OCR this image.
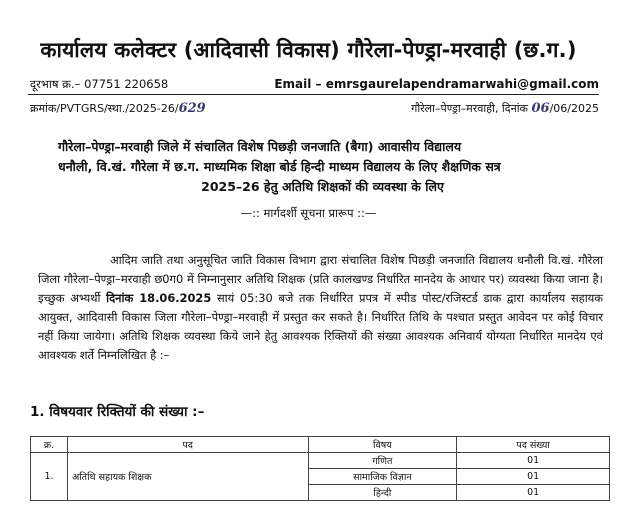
कार्यालय कलेक्टर (आदिवासी विकास) गौरेला-पेण्ड्रा-मरवाही (छ.ग.)
दूरभाष क्र.– 07751 220658	Email – emrsgaurelapendramarwahi@gmail.com
क्रमांक/PVTGRS/स्था./2025-26/629	गौरेला–पेण्ड्रा–मरवाही, दिनांक 06/06/2025
गौरेला–पेण्ड्रा–मरवाही जिले में संचालित विशेष पिछड़ी जनजाति (बैगा) आवासीय विद्यालय
धनौली, वि.खं. गौरेला में छ.ग. माध्यमिक शिक्षा बोर्ड हिन्दी माध्यम विद्यालय के लिए शैक्षणिक सत्र

2025–26 हेतु अतिथि शिक्षकों की व्यवस्था के लिए
—:: मार्गदर्शी सूचना प्रारूप ::—
आदिम जाति तथा अनुसूचित जाति विकास विभाग द्वारा संचालित विशेष पिछड़ी जनजाति विद्यालय धनौली वि.खं. गौरेला जिला गौरेला–पेण्ड्रा–मरवाही छ0ग0 में निम्नानुसार अतिथि शिक्षक (प्रति कालखण्ड निर्धारित मानदेय के आधार पर) व्यवस्था किया जाना है। इच्छुक अभ्यर्थी दिनांक 18.06.2025 सायं 05:30 बजे तक निर्धारित प्रपत्र में स्पीड पोस्ट/रजिस्टर्ड डाक द्वारा कार्यालय सहायक आयुक्त, आदिवासी विकास जिला गौरेला–पेण्ड्रा–मरवाही में प्रस्तुत कर सकते है। निर्धारित तिथि के पश्चात प्रस्तुत आवेदन पर कोई विचार नहीं किया जायेगा। अतिथि शिक्षक व्यवस्था किये जाने हेतु आवश्यक रिक्तियों की संख्या आवश्यक अनिवार्य योग्यता निर्धारित मानदेय एवं आवश्यक शर्ते निम्नलिखित है :–
1. विषयवार रिक्तियों की संख्या :–
क्र.	पद	विषय	पद संख्या
1.	अतिथि सहायक शिक्षक	गणित	01
		सामाजिक विज्ञान	01
		हिन्दी	01
